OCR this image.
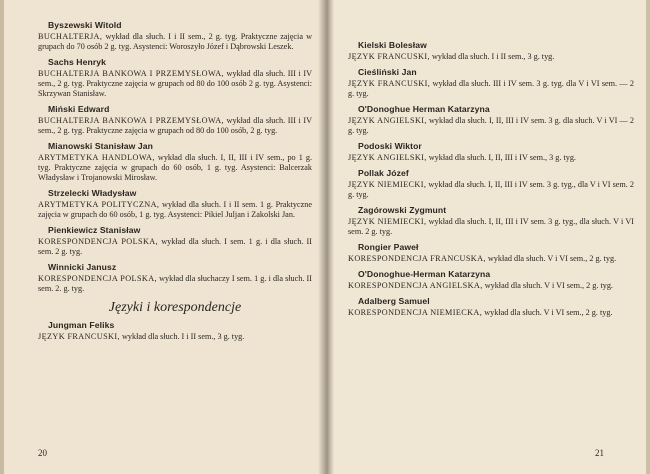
Byszewski Witold

BUCHALTERJA, wykład dla słuch. I i II sem., 2 g. tyg. Praktyczne zajęcia w grupach do 70 osób 2 g. tyg. Asystenci: Woroszyło Józef i Dąbrowski Leszek.

Sachs Henryk

BUCHALTERJA BANKOWA I PRZEMYSŁOWA, wykład dla słuch. III i IV sem., 2 g. tyg. Praktyczne zajęcia w grupach od 80 do 100 osób 2 g. tyg. Asystenci: Skrzywan Stanisław.

Miński Edward

BUCHALTERJA BANKOWA I PRZEMYSŁOWA, wykład dla słuch. III i IV sem., 2 g. tyg. Praktyczne zajęcia w grupach od 80 do 100 osób, 2 g. tyg.

Mianowski Stanisław Jan

ARYTMETYKA HANDLOWA, wykład dla słuch. I, II, III i IV sem., po 1 g. tyg. Praktyczne zajęcia w grupach do 60 osób, 1 g. tyg. Asystenci: Balcerzak Władysław i Trojanowski Mirosław.

Strzelecki Władysław

ARYTMETYKA POLITYCZNA, wykład dla słuch. I i II sem. 1 g. Praktyczne zajęcia w grupach do 60 osób, 1 g. tyg. Asystenci: Pikiel Juljan i Zakolski Jan.

Pienkiewicz Stanisław

KORESPONDENCJA POLSKA, wykład dla słuch. I sem. 1 g. i dla słuch. II sem. 2 g. tyg.

Winnicki Janusz

KORESPONDENCJA POLSKA, wykład dla słuchaczy I sem. 1 g. i dla słuch. II sem. 2. g. tyg.

Języki i korespondencje
Jungman Feliks

JĘZYK FRANCUSKI, wykład dla słuch. I i II sem., 3 g. tyg.

20
Kielski Bolesław

JĘZYK FRANCUSKI, wykład dla słuch. I i II sem., 3 g. tyg.

Cieśliński Jan

JĘZYK FRANCUSKI, wykład dla słuch. III i IV sem. 3 g. tyg. dla V i VI sem. — 2 g. tyg.

O'Donoghue Herman Katarzyna

JĘZYK ANGIELSKI, wykład dla słuch. I, II, III i IV sem. 3 g. dla słuch. V i VI — 2 g. tyg.

Podoski Wiktor

JĘZYK ANGIELSKI, wykład dla słuch. I, II, III i IV sem., 3 g. tyg.

Pollak Józef

JĘZYK NIEMIECKI, wykład dla słuch. I, II, III i IV sem. 3 g. tyg., dla V i VI sem. 2 g. tyg.

Zagórowski Zygmunt

JĘZYK NIEMIECKI, wykład dla słuch. I, II, III i IV sem. 3 g. tyg., dla słuch. V i VI sem. 2 g. tyg.

Rongier Paweł

KORESPONDENCJA FRANCUSKA, wykład dla słuch. V i VI sem., 2 g. tyg.

O'Donoghue-Herman Katarzyna

KORESPONDENCJA ANGIELSKA, wykład dla słuch. V i VI sem., 2 g. tyg.

Adalberg Samuel

KORESPONDENCJA NIEMIECKA, wykład dla słuch. V i VI sem., 2 g. tyg.

21
